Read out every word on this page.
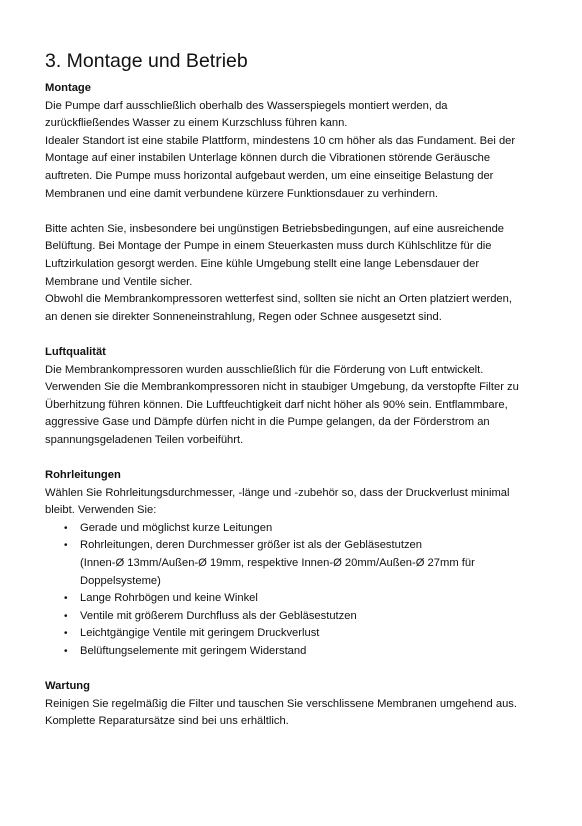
3. Montage und Betrieb

Montage

Die Pumpe darf ausschließlich oberhalb des Wasserspiegels montiert werden, da

zurückfließendes Wasser zu einem Kurzschluss führen kann.

Idealer Standort ist eine stabile Plattform, mindestens 10 cm höher als das Fundament. Bei der

Montage auf einer instabilen Unterlage können durch die Vibrationen störende Geräusche

auftreten. Die Pumpe muss horizontal aufgebaut werden, um eine einseitige Belastung der

Membranen und eine damit verbundene kürzere Funktionsdauer zu verhindern.

Bitte achten Sie, insbesondere bei ungünstigen Betriebsbedingungen, auf eine ausreichende

Belüftung. Bei Montage der Pumpe in einem Steuerkasten muss durch Kühlschlitze für die

Luftzirkulation gesorgt werden. Eine kühle Umgebung stellt eine lange Lebensdauer der

Membrane und Ventile sicher.

Obwohl die Membrankompressoren wetterfest sind, sollten sie nicht an Orten platziert werden,

an denen sie direkter Sonneneinstrahlung, Regen oder Schnee ausgesetzt sind.

Luftqualität

Die Membrankompressoren wurden ausschließlich für die Förderung von Luft entwickelt.

Verwenden Sie die Membrankompressoren nicht in staubiger Umgebung, da verstopfte Filter zu

Überhitzung führen können. Die Luftfeuchtigkeit darf nicht höher als 90% sein. Entflammbare,

aggressive Gase und Dämpfe dürfen nicht in die Pumpe gelangen, da der Förderstrom an

spannungsgeladenen Teilen vorbeiführt.

Rohrleitungen

Wählen Sie Rohrleitungsdurchmesser, -länge und -zubehör so, dass der Druckverlust minimal

bleibt. Verwenden Sie:

• Gerade und möglichst kurze Leitungen
• Rohrleitungen, deren Durchmesser größer ist als der Gebläsestutzen
(Innen-Ø 13mm/Außen-Ø 19mm, respektive Innen-Ø 20mm/Außen-Ø 27mm für
Doppelsysteme)
• Lange Rohrbögen und keine Winkel
• Ventile mit größerem Durchfluss als der Gebläsestutzen
• Leichtgängige Ventile mit geringem Druckverlust
• Belüftungselemente mit geringem Widerstand

Wartung

Reinigen Sie regelmäßig die Filter und tauschen Sie verschlissene Membranen umgehend aus.

Komplette Reparatursätze sind bei uns erhältlich.
